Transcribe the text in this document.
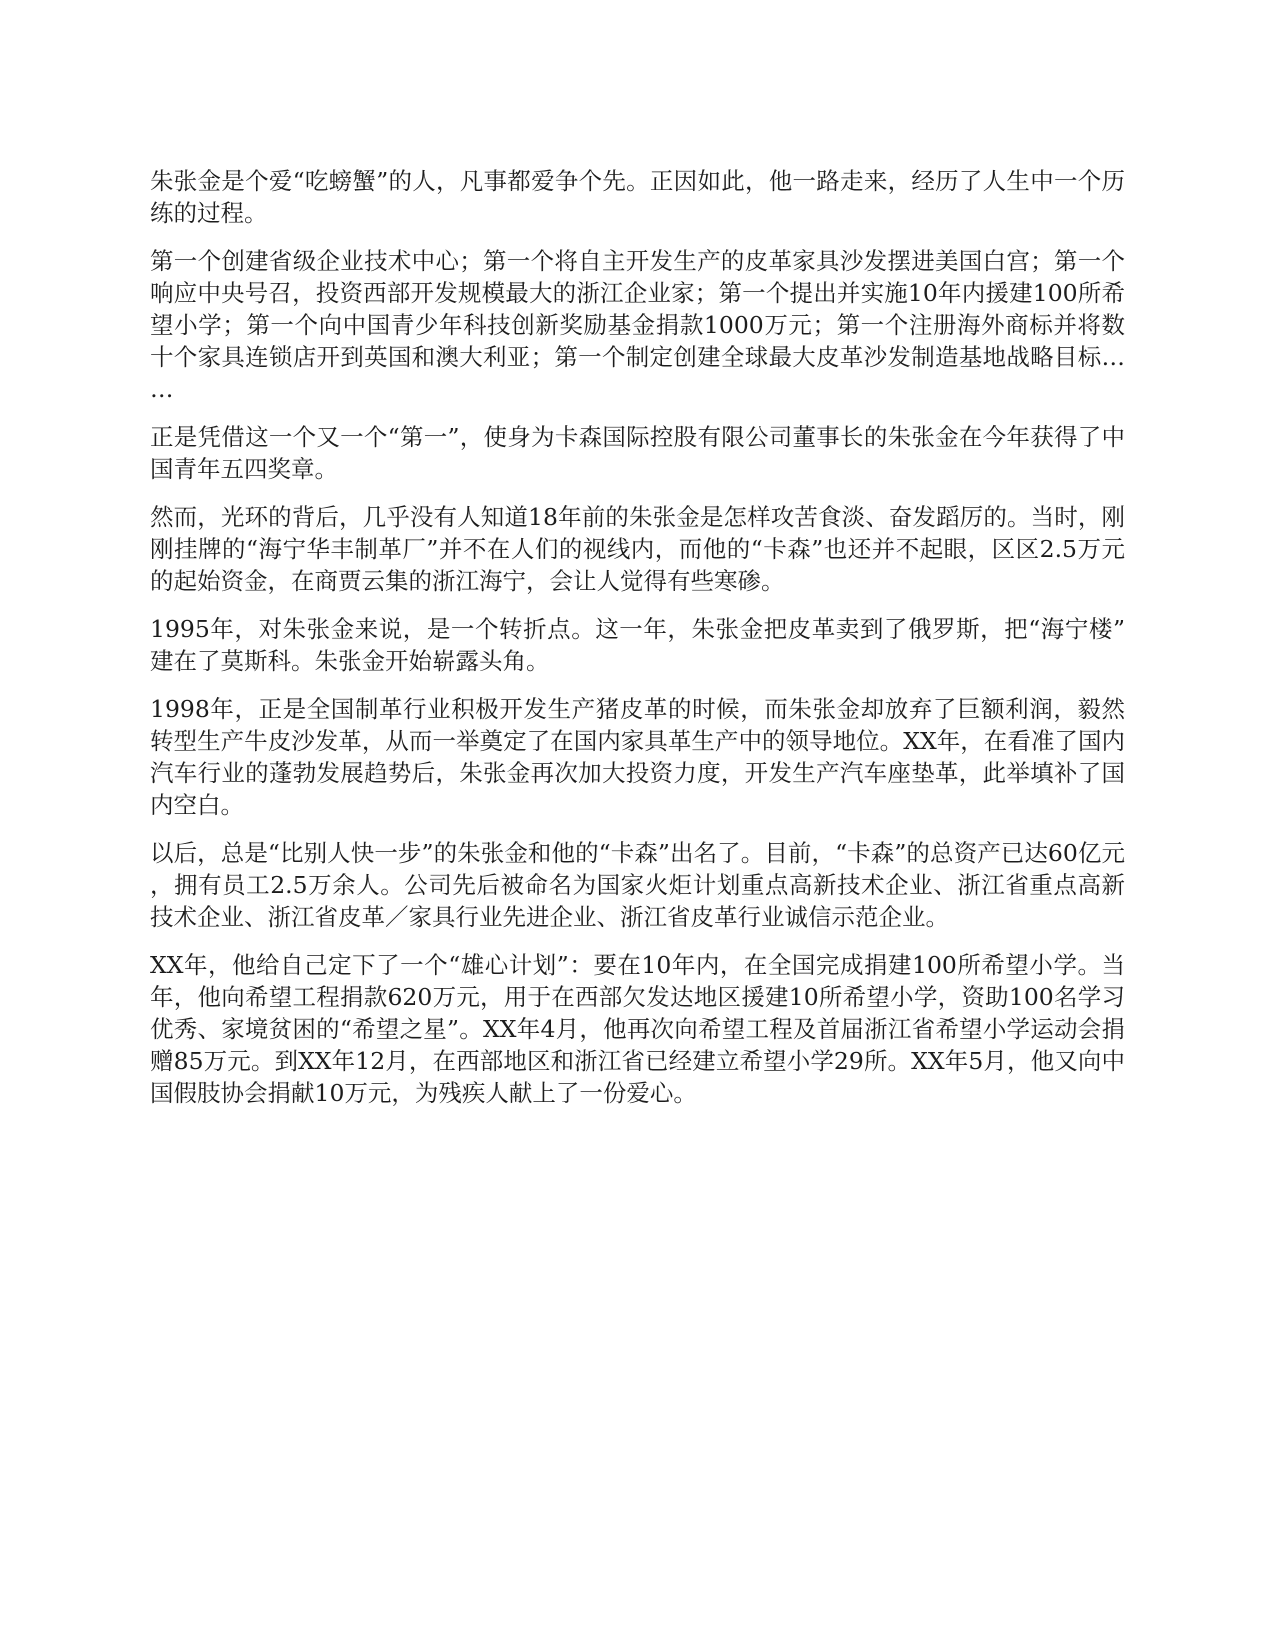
朱张金是个爱“吃螃蟹”的人，凡事都爱争个先。正因如此，他一路走来，经历了人生中一个历练的过程。

第一个创建省级企业技术中心；第一个将自主开发生产的皮革家具沙发摆进美国白宫；第一个响应中央号召，投资西部开发规模最大的浙江企业家；第一个提出并实施10年内援建100所希望小学；第一个向中国青少年科技创新奖励基金捐款1000万元；第一个注册海外商标并将数十个家具连锁店开到英国和澳大利亚；第一个制定创建全球最大皮革沙发制造基地战略目标……

正是凭借这一个又一个“第一”，使身为卡森国际控股有限公司董事长的朱张金在今年获得了中国青年五四奖章。

然而，光环的背后，几乎没有人知道18年前的朱张金是怎样攻苦食淡、奋发蹈厉的。当时，刚刚挂牌的“海宁华丰制革厂”并不在人们的视线内，而他的“卡森”也还并不起眼，区区2.5万元的起始资金，在商贾云集的浙江海宁，会让人觉得有些寒碜。

1995年，对朱张金来说，是一个转折点。这一年，朱张金把皮革卖到了俄罗斯，把“海宁楼”建在了莫斯科。朱张金开始崭露头角。

1998年，正是全国制革行业积极开发生产猪皮革的时候，而朱张金却放弃了巨额利润，毅然转型生产牛皮沙发革，从而一举奠定了在国内家具革生产中的领导地位。XX年，在看准了国内汽车行业的蓬勃发展趋势后，朱张金再次加大投资力度，开发生产汽车座垫革，此举填补了国内空白。

以后，总是“比别人快一步”的朱张金和他的“卡森”出名了。目前，“卡森”的总资产已达60亿元，拥有员工2.5万余人。公司先后被命名为国家火炬计划重点高新技术企业、浙江省重点高新技术企业、浙江省皮革／家具行业先进企业、浙江省皮革行业诚信示范企业。

XX年，他给自己定下了一个“雄心计划”：要在10年内，在全国完成捐建100所希望小学。当年，他向希望工程捐款620万元，用于在西部欠发达地区援建10所希望小学，资助100名学习优秀、家境贫困的“希望之星”。XX年4月，他再次向希望工程及首届浙江省希望小学运动会捐赠85万元。到XX年12月，在西部地区和浙江省已经建立希望小学29所。XX年5月，他又向中国假肢协会捐献10万元，为残疾人献上了一份爱心。
